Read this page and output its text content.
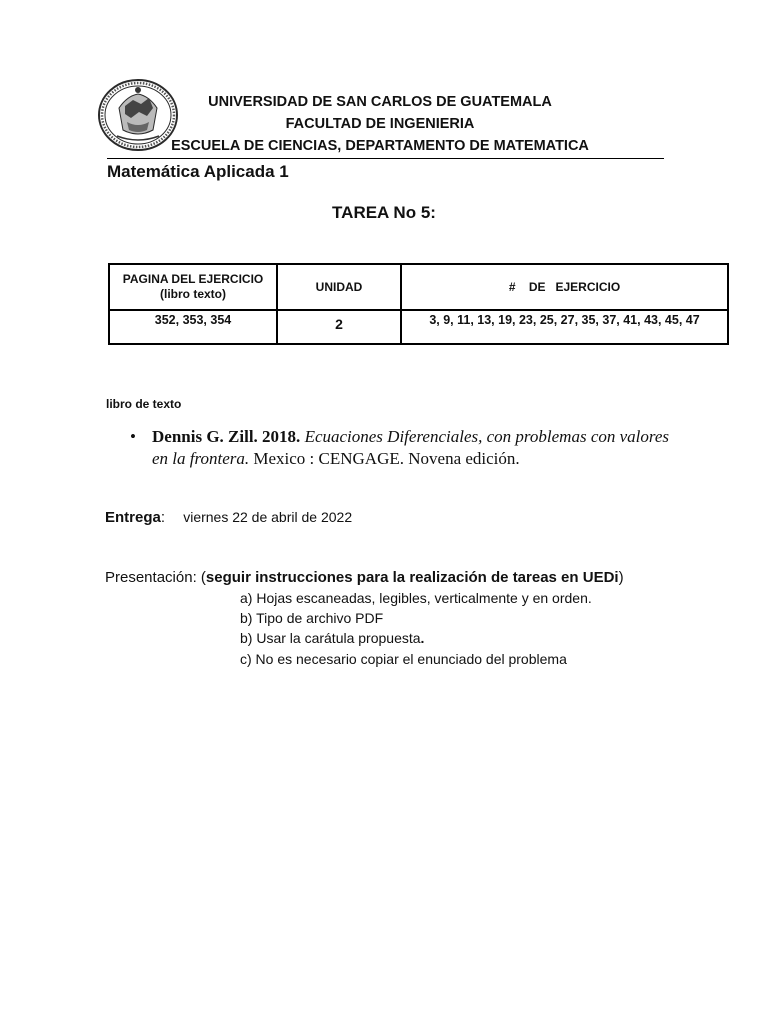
UNIVERSIDAD DE SAN CARLOS DE GUATEMALA
FACULTAD DE INGENIERIA
ESCUELA DE CIENCIAS, DEPARTAMENTO DE MATEMATICA
Matemática Aplicada 1
TAREA No 5:
PAGINA DEL EJERCICIO
(libro texto)	UNIDAD	#    DE   EJERCICIO
352, 353, 354	2	3, 9, 11, 13, 19, 23, 25, 27, 35, 37, 41, 43, 45, 47
libro de texto
• Dennis G. Zill. 2018. Ecuaciones Diferenciales, con problemas con valores en la frontera. Mexico : CENGAGE. Novena edición.
Entrega: viernes 22 de abril de 2022
Presentación: (seguir instrucciones para la realización de tareas en UEDi)
a) Hojas escaneadas, legibles, verticalmente y en orden.
b) Tipo de archivo PDF
b) Usar la carátula propuesta.
c) No es necesario copiar el enunciado del problema
